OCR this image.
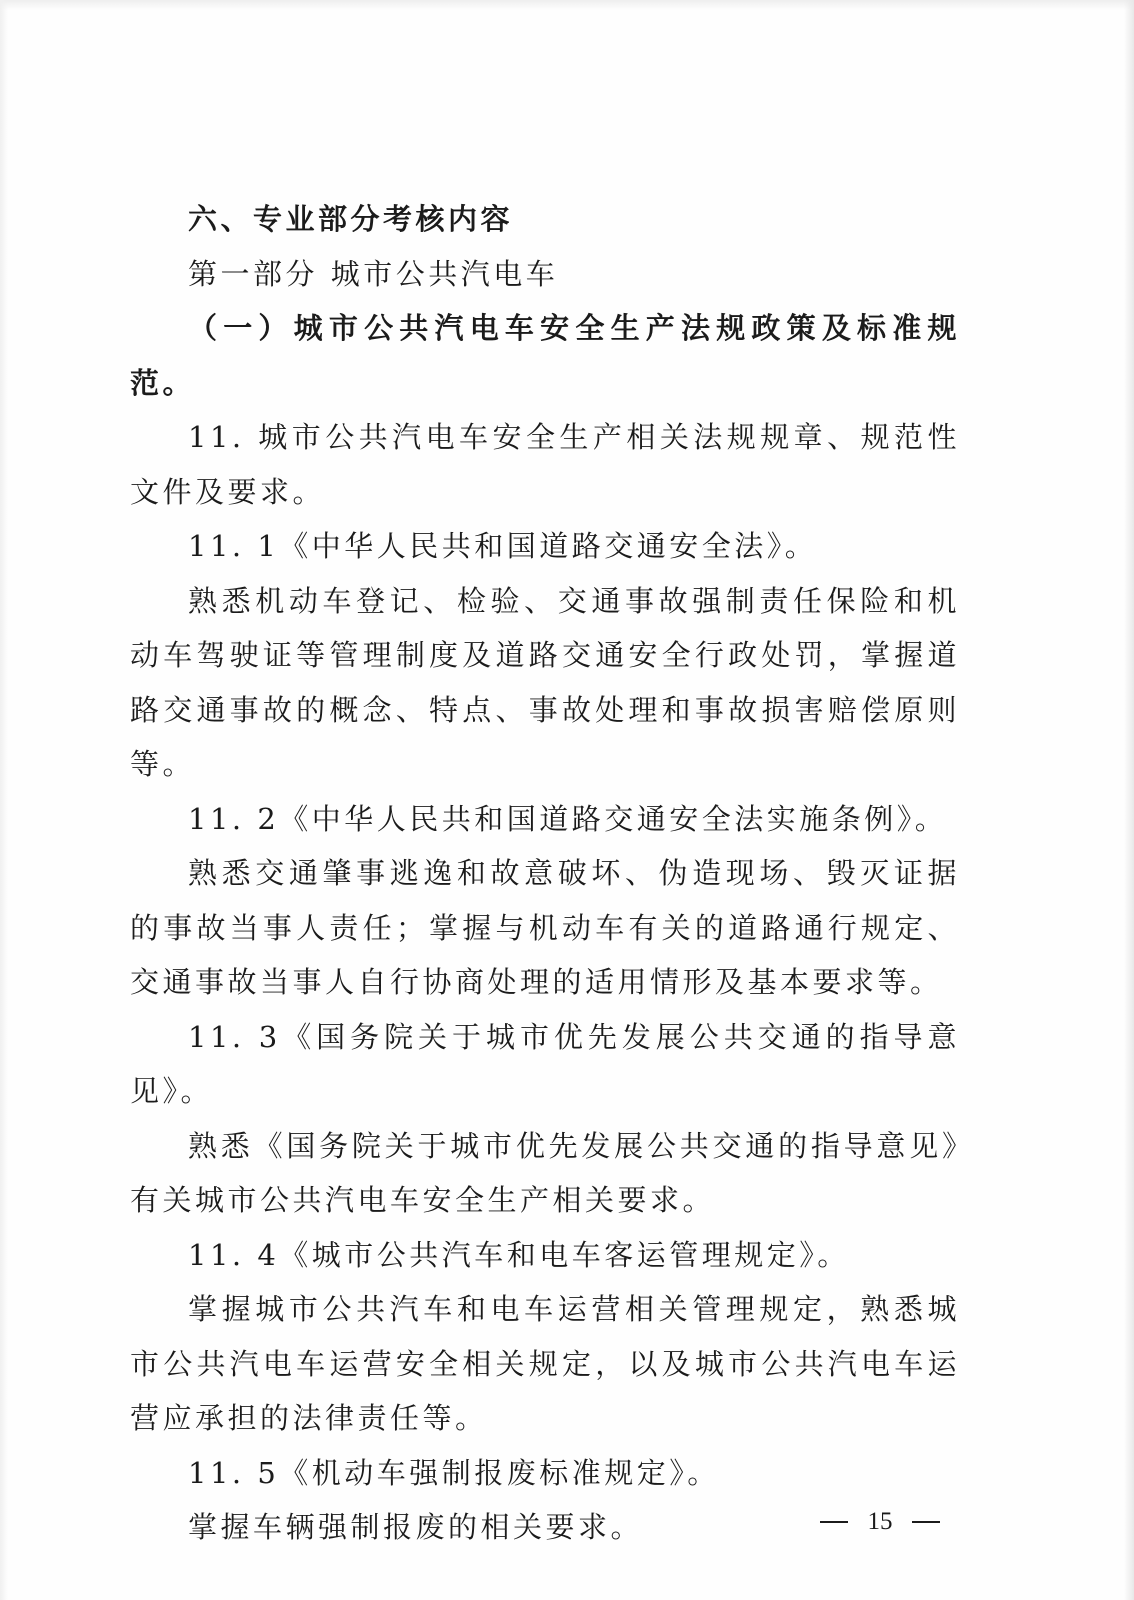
六、专业部分考核内容

第一部分 城市公共汽电车

（一）城市公共汽电车安全生产法规政策及标准规范。

11. 城市公共汽电车安全生产相关法规规章、规范性文件及要求。

11. 1《中华人民共和国道路交通安全法》。

熟悉机动车登记、检验、交通事故强制责任保险和机动车驾驶证等管理制度及道路交通安全行政处罚，掌握道路交通事故的概念、特点、事故处理和事故损害赔偿原则等。

11. 2《中华人民共和国道路交通安全法实施条例》。

熟悉交通肇事逃逸和故意破坏、伪造现场、毁灭证据的事故当事人责任；掌握与机动车有关的道路通行规定、交通事故当事人自行协商处理的适用情形及基本要求等。

11. 3《国务院关于城市优先发展公共交通的指导意见》。

熟悉《国务院关于城市优先发展公共交通的指导意见》有关城市公共汽电车安全生产相关要求。

11. 4《城市公共汽车和电车客运管理规定》。

掌握城市公共汽车和电车运营相关管理规定，熟悉城市公共汽电车运营安全相关规定，以及城市公共汽电车运营应承担的法律责任等。

11. 5《机动车强制报废标准规定》。

掌握车辆强制报废的相关要求。	15
